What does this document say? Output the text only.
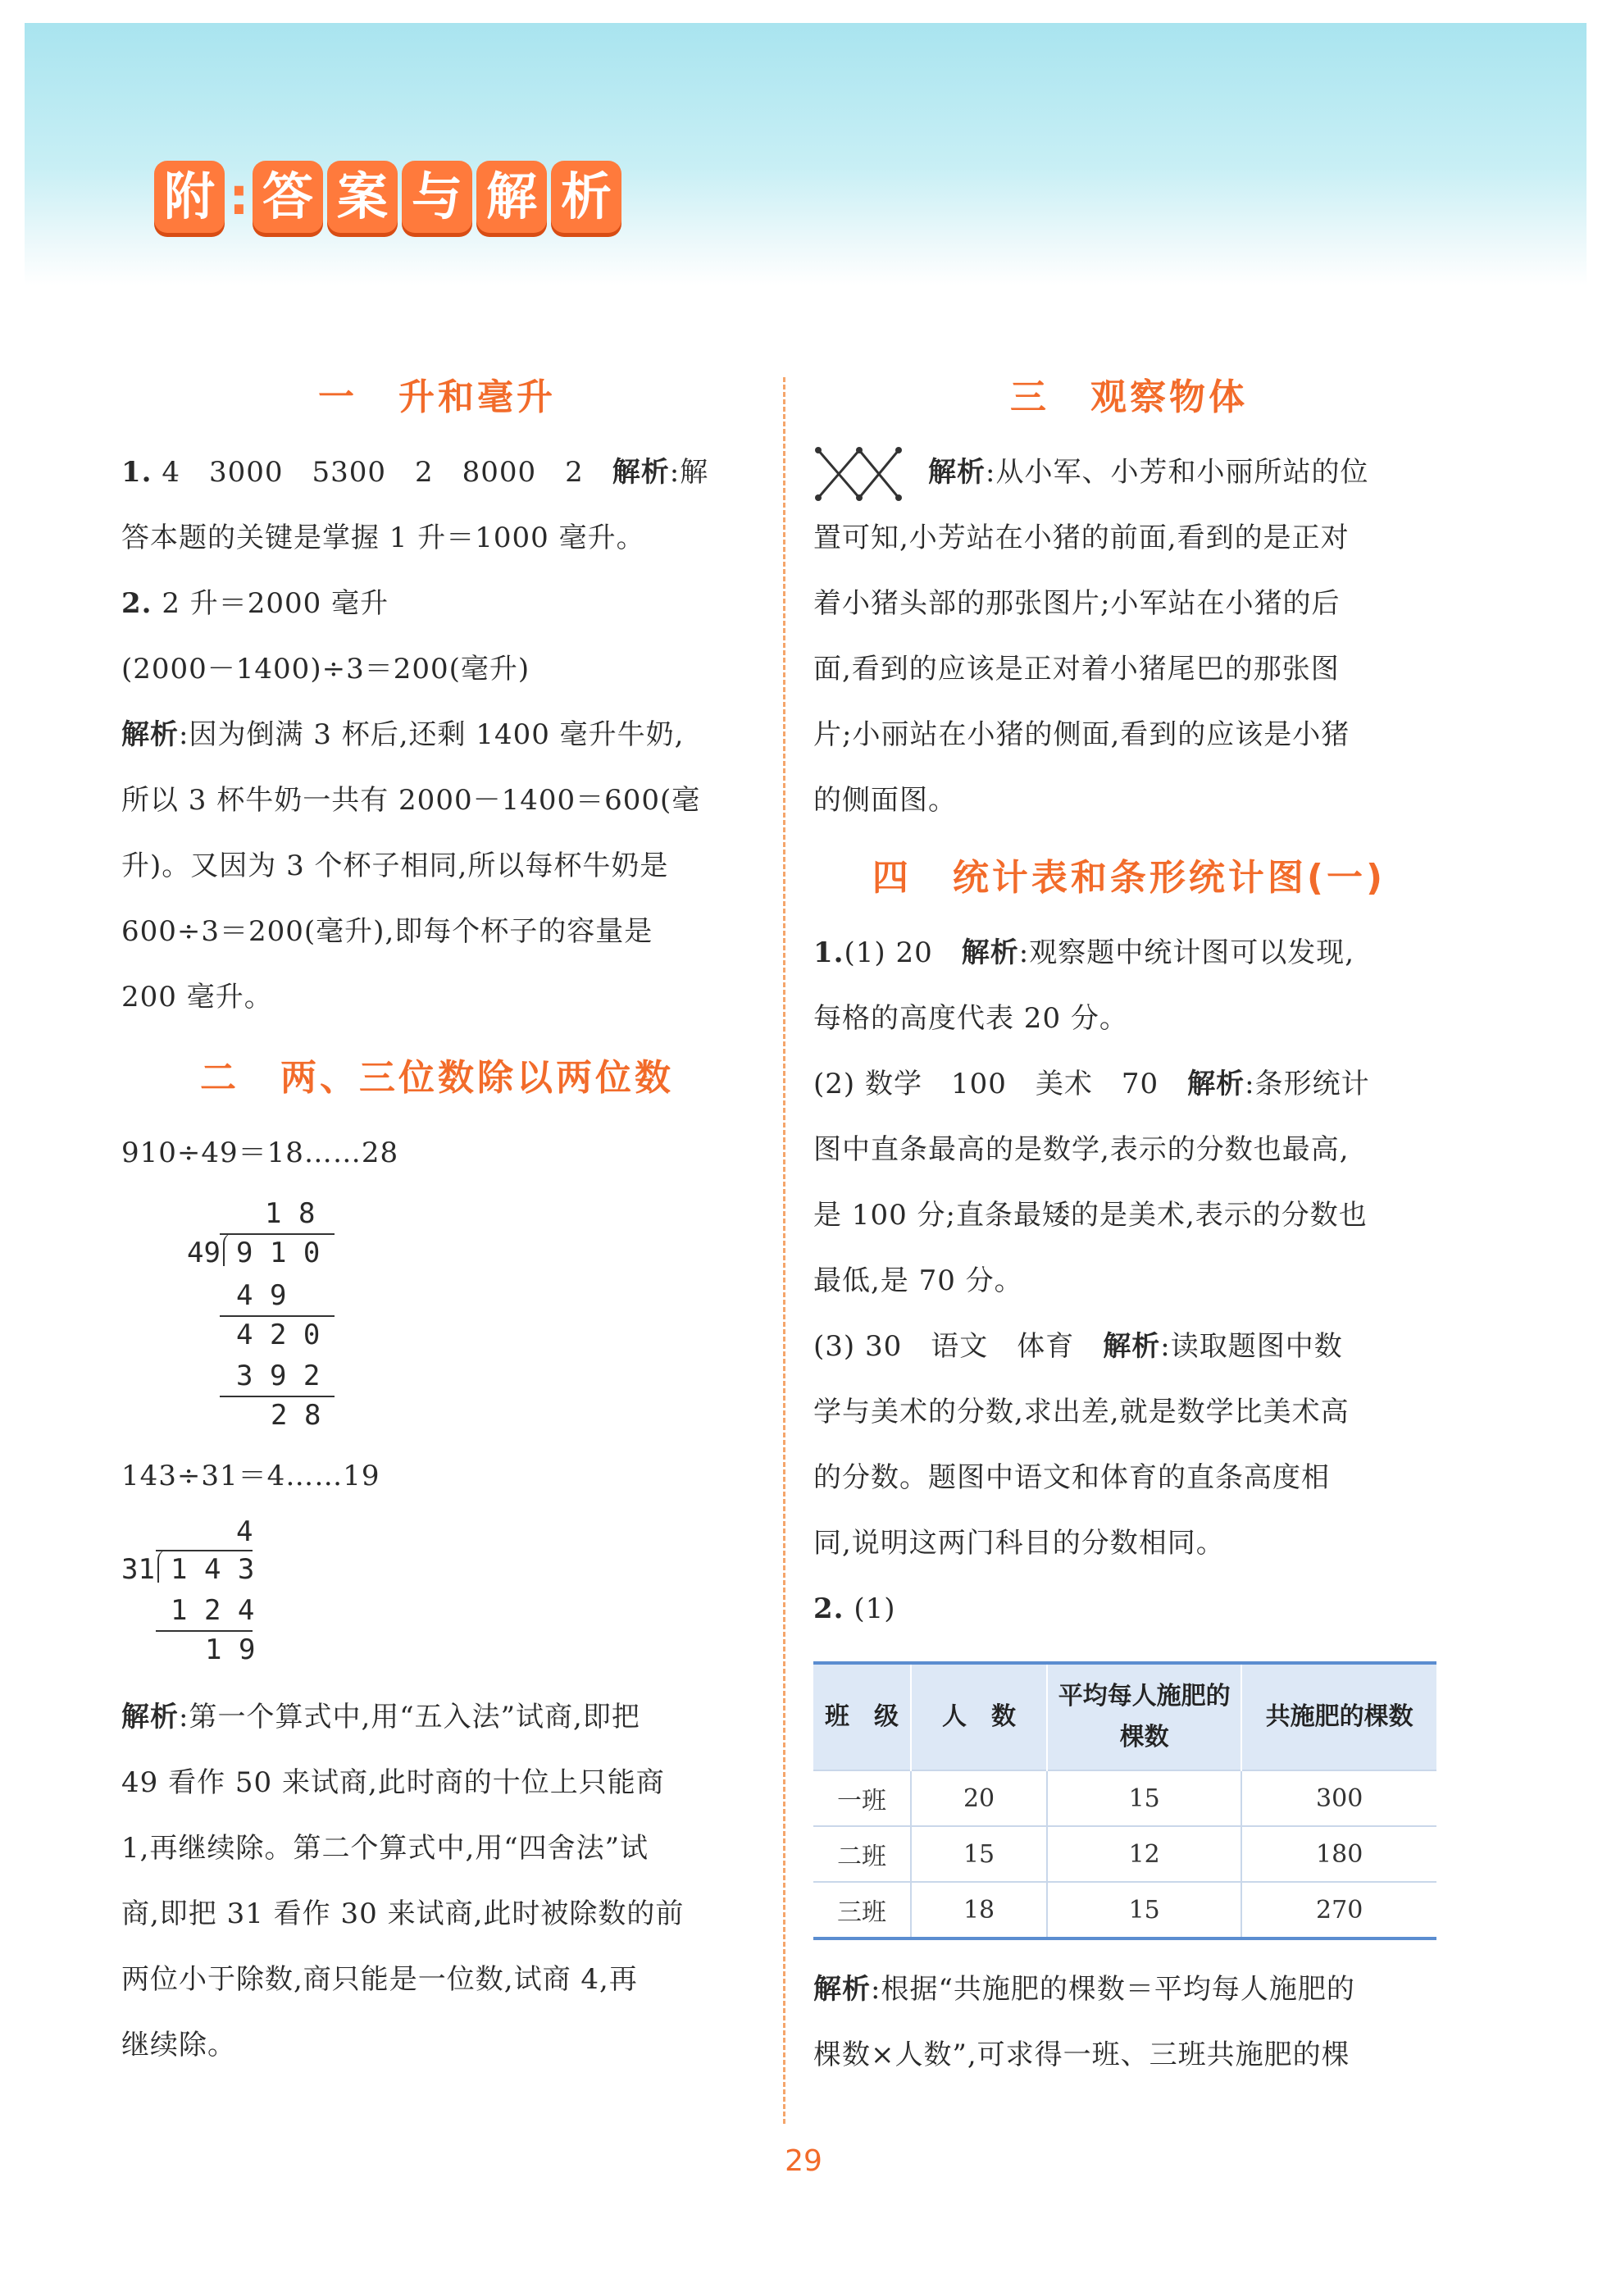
附 : 答 案 与 解 析
一 升和毫升

1. 4　3000　5300　2　8000　2　解析:解

答本题的关键是掌握 1 升＝1000 毫升。

2. 2 升＝2000 毫升

(2000－1400)÷3＝200(毫升)

解析:因为倒满 3 杯后,还剩 1400 毫升牛奶,

所以 3 杯牛奶一共有 2000－1400＝600(毫

升)。又因为 3 个杯子相同,所以每杯牛奶是

600÷3＝200(毫升),即每个杯子的容量是

200 毫升。

二 两、三位数除以两位数

910÷49＝18……28

1 8
49 9 1 0
4 9
4 2 0
3 9 2
2 8

143÷31＝4……19

4
31 1 4 3
1 2 4
1 9

解析:第一个算式中,用“五入法”试商,即把

49 看作 50 来试商,此时商的十位上只能商

1,再继续除。第二个算式中,用“四舍法”试

商,即把 31 看作 30 来试商,此时被除数的前

两位小于除数,商只能是一位数,试商 4,再

继续除。

三 观察物体

解析:从小军、小芳和小丽所站的位

置可知,小芳站在小猪的前面,看到的是正对

着小猪头部的那张图片;小军站在小猪的后

面,看到的应该是正对着小猪尾巴的那张图

片;小丽站在小猪的侧面,看到的应该是小猪

的侧面图。

四 统计表和条形统计图(一)

1.(1) 20　解析:观察题中统计图可以发现,

每格的高度代表 20 分。

(2) 数学　100　美术　70　解析:条形统计

图中直条最高的是数学,表示的分数也最高,

是 100 分;直条最矮的是美术,表示的分数也

最低,是 70 分。

(3) 30　语文　体育　解析:读取题图中数

学与美术的分数,求出差,就是数学比美术高

的分数。题图中语文和体育的直条高度相

同,说明这两门科目的分数相同。

2. (1)

班　级	人　数	平均每人施肥的棵数	共施肥的棵数
一班	20	15	300
二班	15	12	180
三班	18	15	270

解析:根据“共施肥的棵数＝平均每人施肥的

棵数×人数”,可求得一班、三班共施肥的棵

29
